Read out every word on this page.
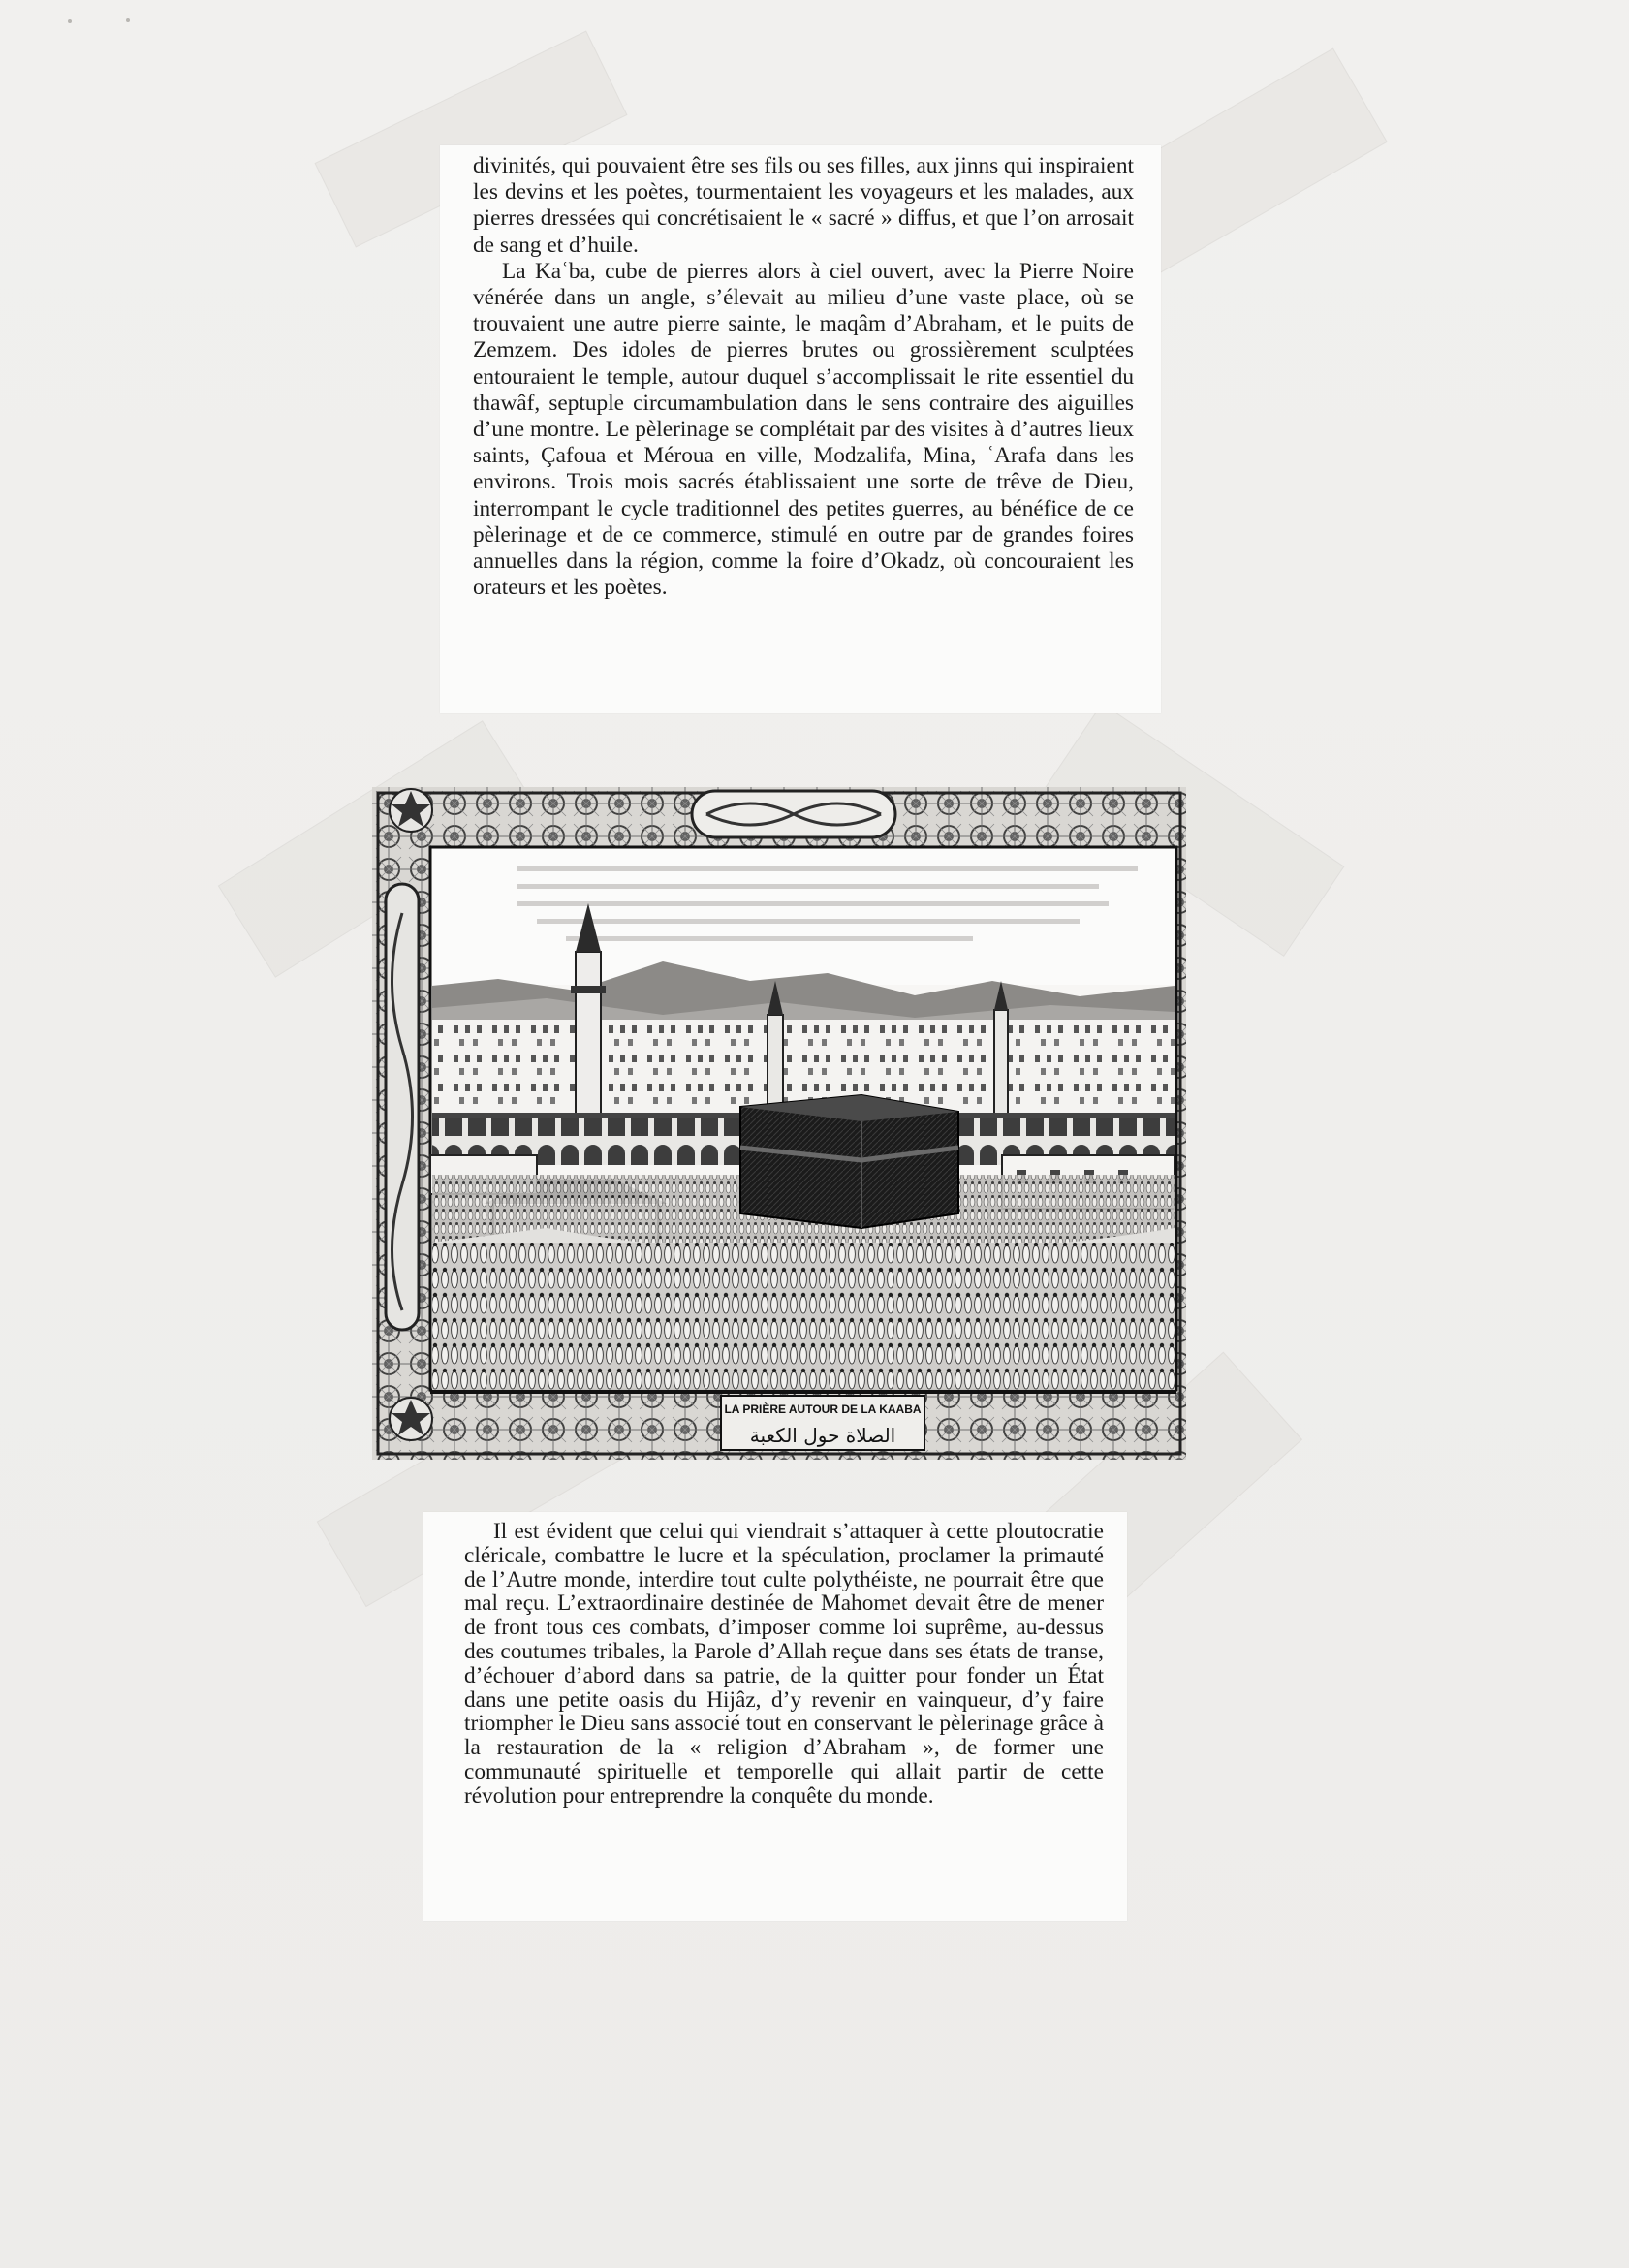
divinités, qui pouvaient être ses fils ou ses filles, aux jinns qui inspiraient les devins et les poètes, tourmentaient les voyageurs et les malades, aux pierres dressées qui concrétisaient le « sacré » diffus, et que l’on arrosait de sang et d’huile.

La Kaʿba, cube de pierres alors à ciel ouvert, avec la Pierre Noire vénérée dans un angle, s’élevait au milieu d’une vaste place, où se trouvaient une autre pierre sainte, le maqâm d’Abraham, et le puits de Zemzem. Des idoles de pierres brutes ou grossièrement sculptées entouraient le temple, autour duquel s’accomplissait le rite essentiel du thawâf, septuple circumambulation dans le sens contraire des aiguilles d’une montre. Le pèlerinage se complétait par des visites à d’autres lieux saints, Çafoua et Méroua en ville, Modzalifa, Mina, ʿArafa dans les environs. Trois mois sacrés établissaient une sorte de trêve de Dieu, interrompant le cycle traditionnel des petites guerres, au bénéfice de ce pèlerinage et de ce commerce, stimulé en outre par de grandes foires annuelles dans la région, comme la foire d’Okadz, où concouraient les orateurs et les poètes.

LA PRIÈRE AUTOUR DE LA KAABA
الصلاة حول الكعبة

Il est évident que celui qui viendrait s’attaquer à cette ploutocratie cléricale, combattre le lucre et la spéculation, proclamer la primauté de l’Autre monde, interdire tout culte polythéiste, ne pourrait être que mal reçu. L’extraordinaire destinée de Mahomet devait être de mener de front tous ces combats, d’imposer comme loi suprême, au-dessus des coutumes tribales, la Parole d’Allah reçue dans ses états de transe, d’échouer d’abord dans sa patrie, de la quitter pour fonder un État dans une petite oasis du Hijâz, d’y revenir en vainqueur, d’y faire triompher le Dieu sans associé tout en conservant le pèlerinage grâce à la restauration de la « religion d’Abraham », de former une communauté spirituelle et temporelle qui allait partir de cette révolution pour entreprendre la conquête du monde.
